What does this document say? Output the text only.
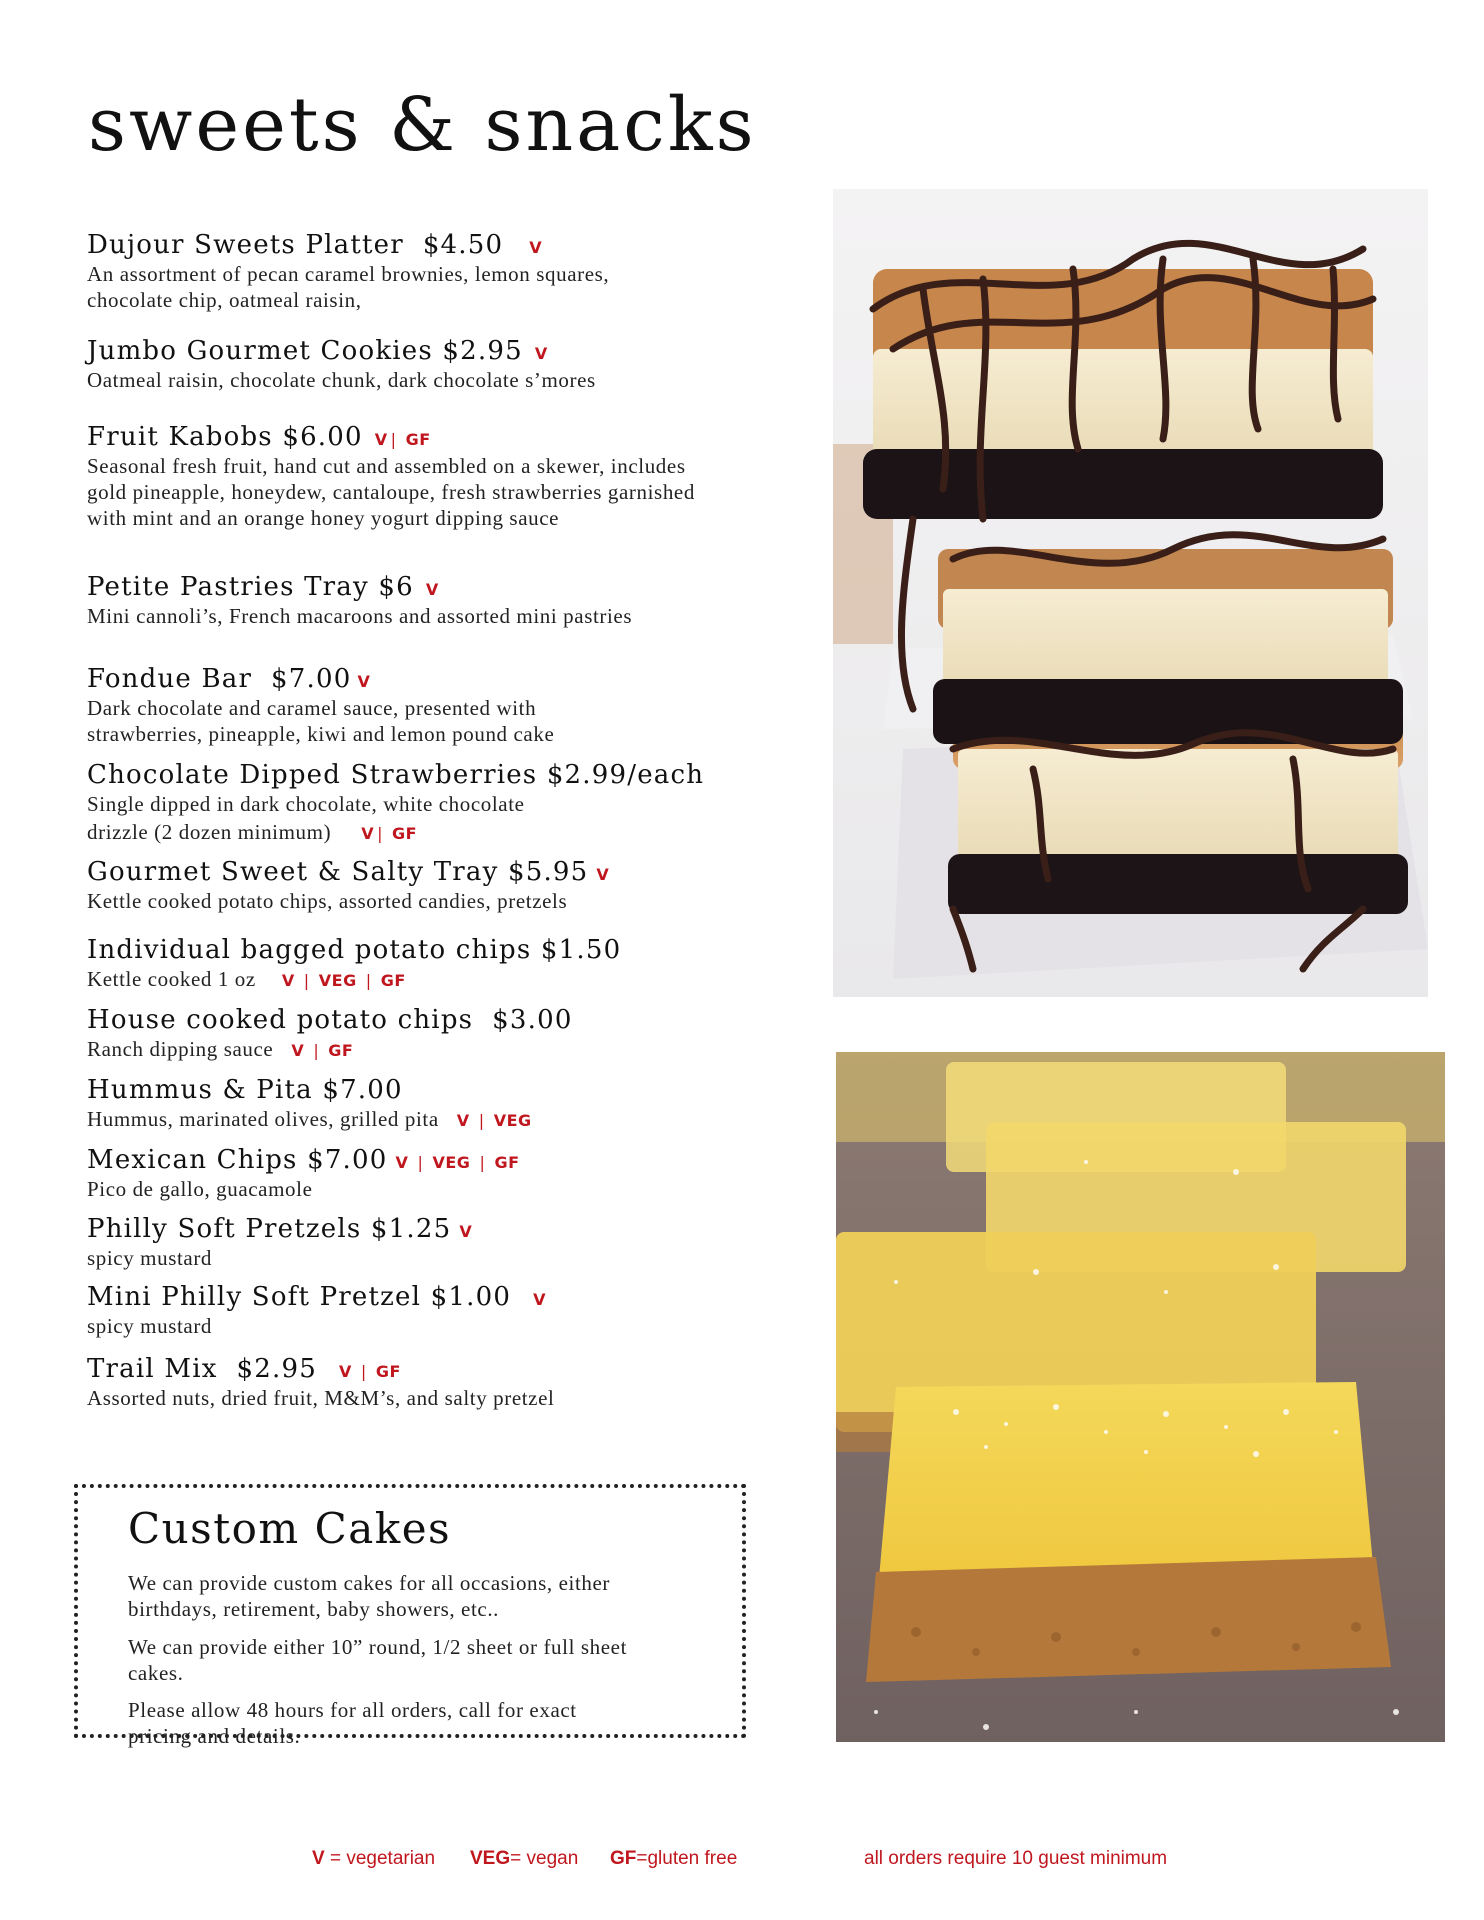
sweets & snacks
Dujour Sweets Platter $4.50 V
An assortment of pecan caramel brownies, lemon squares, chocolate chip, oatmeal raisin,
Jumbo Gourmet Cookies $2.95 V
Oatmeal raisin, chocolate chunk, dark chocolate s’mores
Fruit Kabobs $6.00 V | GF
Seasonal fresh fruit, hand cut and assembled on a skewer, includes gold pineapple, honeydew, cantaloupe, fresh strawberries garnished with mint and an orange honey yogurt dipping sauce
Petite Pastries Tray $6 V
Mini cannoli’s, French macaroons and assorted mini pastries
Fondue Bar $7.00 V
Dark chocolate and caramel sauce, presented with strawberries, pineapple, kiwi and lemon pound cake
Chocolate Dipped Strawberries $2.99/each
Single dipped in dark chocolate, white chocolate
drizzle (2 dozen minimum) V | GF
Gourmet Sweet & Salty Tray $5.95 V
Kettle cooked potato chips, assorted candies, pretzels
Individual bagged potato chips $1.50
Kettle cooked 1 oz V | VEG | GF
House cooked potato chips $3.00
Ranch dipping sauce V | GF
Hummus & Pita $7.00
Hummus, marinated olives, grilled pita V | VEG
Mexican Chips $7.00 V | VEG | GF
Pico de gallo, guacamole
Philly Soft Pretzels $1.25 V
spicy mustard
Mini Philly Soft Pretzel $1.00 V
spicy mustard
Trail Mix $2.95 V | GF
Assorted nuts, dried fruit, M&M’s, and salty pretzel
Custom Cakes

We can provide custom cakes for all occasions, either birthdays, retirement, baby showers, etc..

We can provide either 10” round, 1/2 sheet or full sheet cakes.

Please allow 48 hours for all orders, call for exact pricing and details.

V = vegetarian VEG= vegan GF=gluten free	all orders require 10 guest minimum
